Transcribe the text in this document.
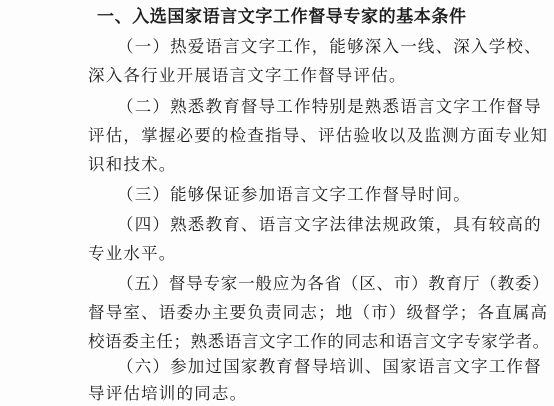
一、入选国家语言文字工作督导专家的基本条件
（一）热爱语言文字工作，能够深入一线、深入学校、
深入各行业开展语言文字工作督导评估。
（二）熟悉教育督导工作特别是熟悉语言文字工作督导
评估，掌握必要的检查指导、评估验收以及监测方面专业知
识和技术。
（三）能够保证参加语言文字工作督导时间。
（四）熟悉教育、语言文字法律法规政策，具有较高的
专业水平。
（五）督导专家一般应为各省（区、市）教育厅（教委）
督导室、语委办主要负责同志；地（市）级督学；各直属高
校语委主任；熟悉语言文字工作的同志和语言文字专家学者。
（六）参加过国家教育督导培训、国家语言文字工作督
导评估培训的同志。
